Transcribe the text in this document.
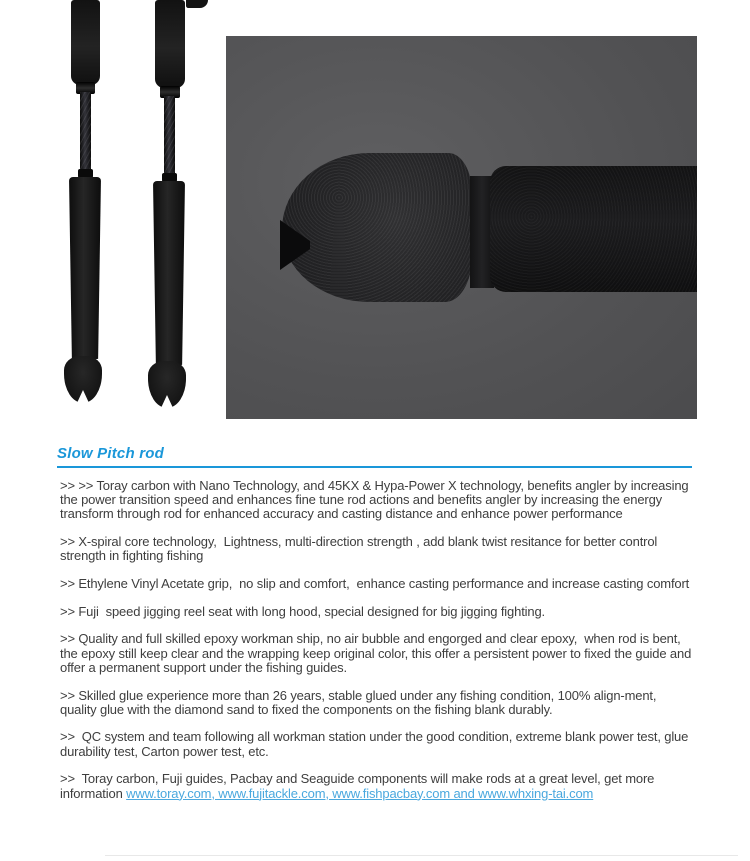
Slow Pitch rod

>> >> Toray carbon with Nano Technology, and 45KX & Hypa-Power X technology, benefits angler by increasing the power transition speed and enhances fine tune rod actions and benefits angler by increasing the energy transform through rod for enhanced accuracy and casting distance and enhance power performance

>> X-spiral core technology,  Lightness, multi-direction strength , add blank twist resitance for better control strength in fighting fishing

>> Ethylene Vinyl Acetate grip,  no slip and comfort,  enhance casting performance and increase casting comfort

>> Fuji  speed jigging reel seat with long hood, special designed for big jigging fighting.

>> Quality and full skilled epoxy workman ship, no air bubble and engorged and clear epoxy,  when rod is bent, the epoxy still keep clear and the wrapping keep original color, this offer a persistent power to fixed the guide and offer a permanent support under the fishing guides.

>> Skilled glue experience more than 26 years, stable glued under any fishing condition, 100% align-ment, quality glue with the diamond sand to fixed the components on the fishing blank durably.

>>  QC system and team following all workman station under the good condition, extreme blank power test, glue durability test, Carton power test, etc.

>>  Toray carbon, Fuji guides, Pacbay and Seaguide components will make rods at a great level, get more information www.toray.com, www.fujitackle.com, www.fishpacbay.com and www.whxing-tai.com
